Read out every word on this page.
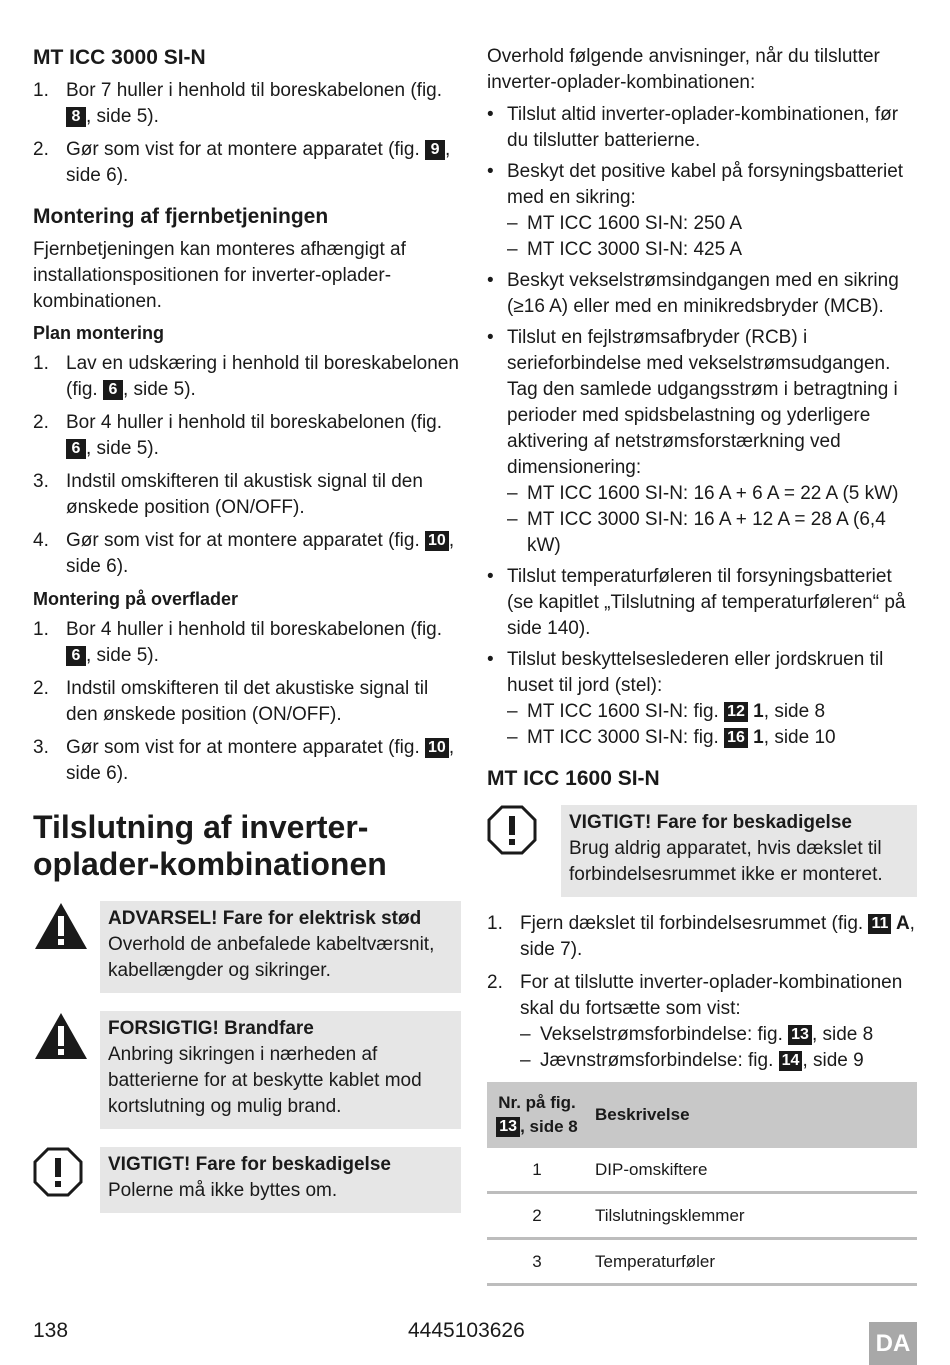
MT ICC 3000 SI-N
1. Bor 7 huller i henhold til boreskabelonen (fig. 8 , side 5).
2. Gør som vist for at montere apparatet (fig. 9 , side 6).
Montering af fjernbetjeningen

Fjernbetjeningen kan monteres afhængigt af installationspositionen for inverter-oplader-kombinationen.

Plan montering
1. Lav en udskæring i henhold til boreskabelonen (fig. 6 , side 5).
2. Bor 4 huller i henhold til boreskabelonen (fig. 6 , side 5).
3. Indstil omskifteren til akustisk signal til den ønskede position (ON/OFF).
4. Gør som vist for at montere apparatet (fig. 10 , side 6).
Montering på overflader
1. Bor 4 huller i henhold til boreskabelonen (fig. 6 , side 5).
2. Indstil omskifteren til det akustiske signal til den ønskede position (ON/OFF).
3. Gør som vist for at montere apparatet (fig. 10 , side 6).
Tilslutning af inverter-oplader-kombinationen
ADVARSEL! Fare for elektrisk stød
Overhold de anbefalede kabeltværsnit, kabellængder og sikringer.
FORSIGTIG! Brandfare
Anbring sikringen i nærheden af batterierne for at beskytte kablet mod kortslutning og mulig brand.
VIGTIGT! Fare for beskadigelse
Polerne må ikke byttes om.

Overhold følgende anvisninger, når du tilslutter inverter-oplader-kombinationen:

• Tilslut altid inverter-oplader-kombinationen, før du tilslutter batterierne.
• Beskyt det positive kabel på forsyningsbatteriet med en sikring:
– MT ICC 1600 SI-N: 250 A
– MT ICC 3000 SI-N: 425 A
• Beskyt vekselstrømsindgangen med en sikring (≥16 A) eller med en minikredsbryder (MCB).
• Tilslut en fejlstrømsafbryder (RCB) i serieforbindelse med vekselstrømsudgangen.
Tag den samlede udgangsstrøm i betragtning i perioder med spidsbelastning og yderligere aktivering af netstrømsforstærkning ved dimensionering:
– MT ICC 1600 SI-N: 16 A + 6 A = 22 A (5 kW)
– MT ICC 3000 SI-N: 16 A + 12 A = 28 A (6,4 kW)
• Tilslut temperaturføleren til forsyningsbatteriet (se kapitlet „Tilslutning af temperaturføleren“ på side 140).
• Tilslut beskyttelseslederen eller jordskruen til huset til jord (stel):
– MT ICC 1600 SI-N: fig. 12 1, side 8
– MT ICC 3000 SI-N: fig. 16 1, side 10
MT ICC 1600 SI-N
VIGTIGT! Fare for beskadigelse
Brug aldrig apparatet, hvis dækslet til forbindelsesrummet ikke er monteret.
1. Fjern dækslet til forbindelsesrummet (fig. 11 A, side 7).
2. For at tilslutte inverter-oplader-kombinationen skal du fortsætte som vist:
– Vekselstrømsforbindelse: fig. 13 , side 8
– Jævnstrømsforbindelse: fig. 14 , side 9
Nr. på fig. 13 , side 8	Beskrivelse
1	DIP-omskiftere
2	Tilslutningsklemmer
3	Temperaturføler
138	4445103626	DA
